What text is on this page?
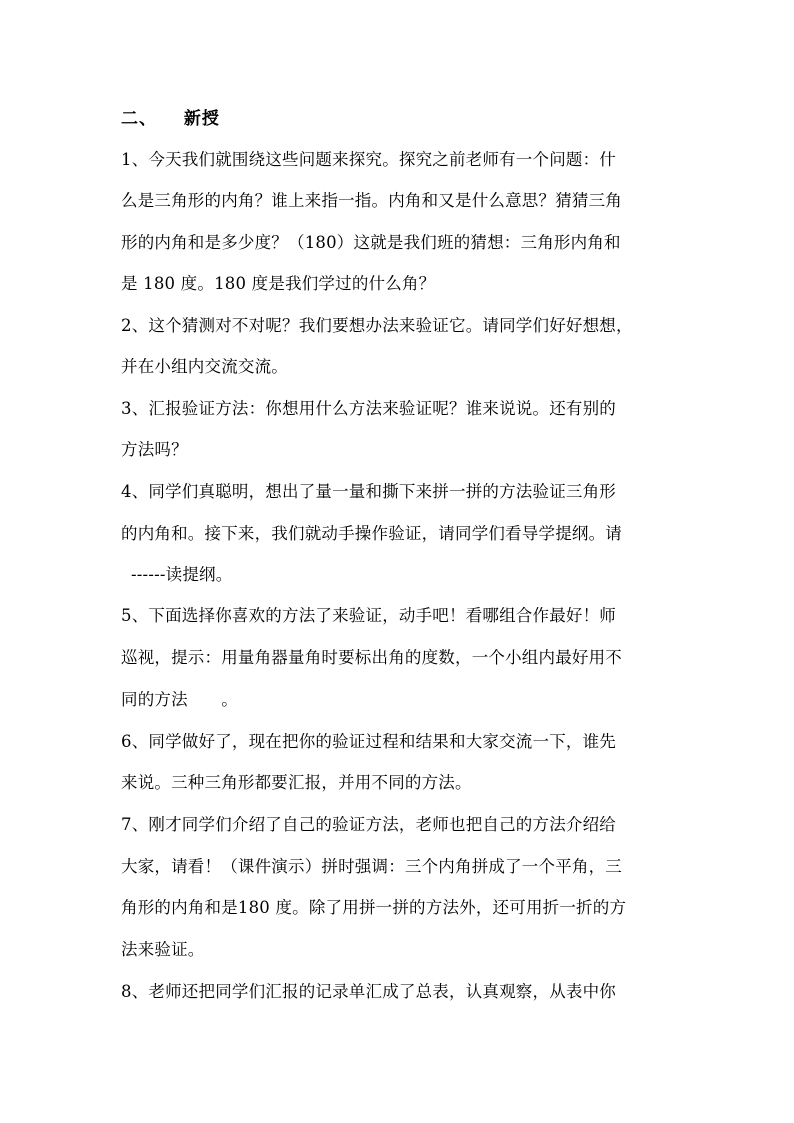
二、 新授
1、今天我们就围绕这些问题来探究。探究之前老师有一个问题：什
么是三角形的内角？谁上来指一指。内角和又是什么意思？猜猜三角
形的内角和是多少度？（180）这就是我们班的猜想：三角形内角和
是 180 度。180 度是我们学过的什么角？
2、这个猜测对不对呢？我们要想办法来验证它。请同学们好好想想，
并在小组内交流交流。
3、汇报验证方法：你想用什么方法来验证呢？谁来说说。还有别的
方法吗？
4、同学们真聪明，想出了量一量和撕下来拼一拼的方法验证三角形
的内角和。接下来，我们就动手操作验证，请同学们看导学提纲。请
------读提纲。
5、下面选择你喜欢的方法了来验证，动手吧！看哪组合作最好！师
巡视，提示：用量角器量角时要标出角的度数，一个小组内最好用不
同的方法　　。
6、同学做好了，现在把你的验证过程和结果和大家交流一下，谁先
来说。三种三角形都要汇报，并用不同的方法。
7、刚才同学们介绍了自己的验证方法，老师也把自己的方法介绍给
大家，请看！（课件演示）拼时强调：三个内角拼成了一个平角，三
角形的内角和是180 度。除了用拼一拼的方法外，还可用折一折的方
法来验证。
8、老师还把同学们汇报的记录单汇成了总表，认真观察，从表中你
